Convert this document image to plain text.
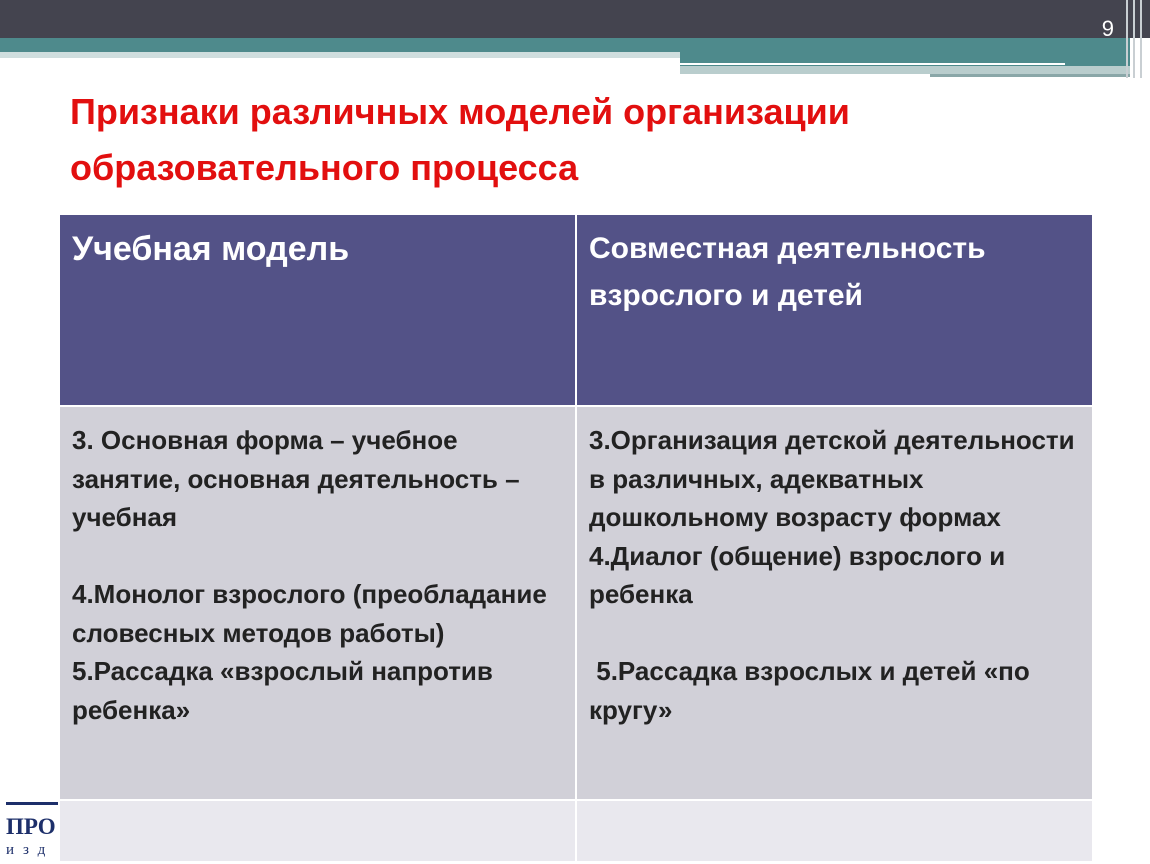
9
Признаки различных моделей организации образовательного процесса
Учебная модель	Совместная деятельность взрослого и детей

3. Основная форма – учебное занятие, основная деятельность – учебная

4.Монолог взрослого (преобладание словесных методов работы)
5.Рассадка «взрослый напротив ребенка»	3.Организация детской деятельности в различных, адекватных дошкольному возрасту формах
4.Диалог (общение) взрослого и ребенка

5.Рассадка взрослых и детей «по кругу»

ПРО
изд
